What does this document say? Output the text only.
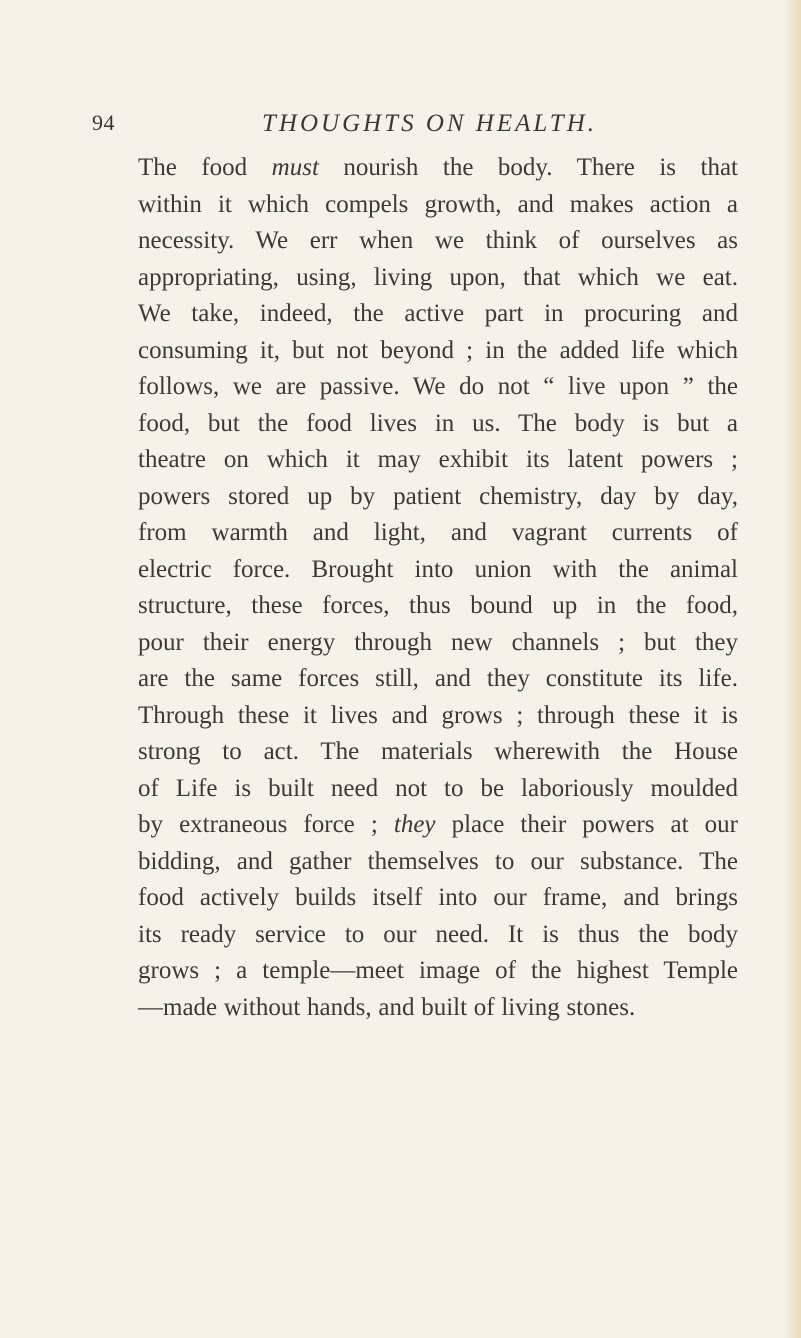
94	THOUGHTS ON HEALTH.
The food must nourish the body. There is that
within it which compels growth, and makes action a
necessity. We err when we think of ourselves as
appropriating, using, living upon, that which we eat.
We take, indeed, the active part in procuring and
consuming it, but not beyond ; in the added life which
follows, we are passive. We do not “ live upon ” the
food, but the food lives in us. The body is but a
theatre on which it may exhibit its latent powers ;
powers stored up by patient chemistry, day by day,
from warmth and light, and vagrant currents of
electric force. Brought into union with the animal
structure, these forces, thus bound up in the food,
pour their energy through new channels ; but they
are the same forces still, and they constitute its life.
Through these it lives and grows ; through these it is
strong to act. The materials wherewith the House
of Life is built need not to be laboriously moulded
by extraneous force ; they place their powers at our
bidding, and gather themselves to our substance. The
food actively builds itself into our frame, and brings
its ready service to our need. It is thus the body
grows ; a temple—meet image of the highest Temple
—made without hands, and built of living stones.
